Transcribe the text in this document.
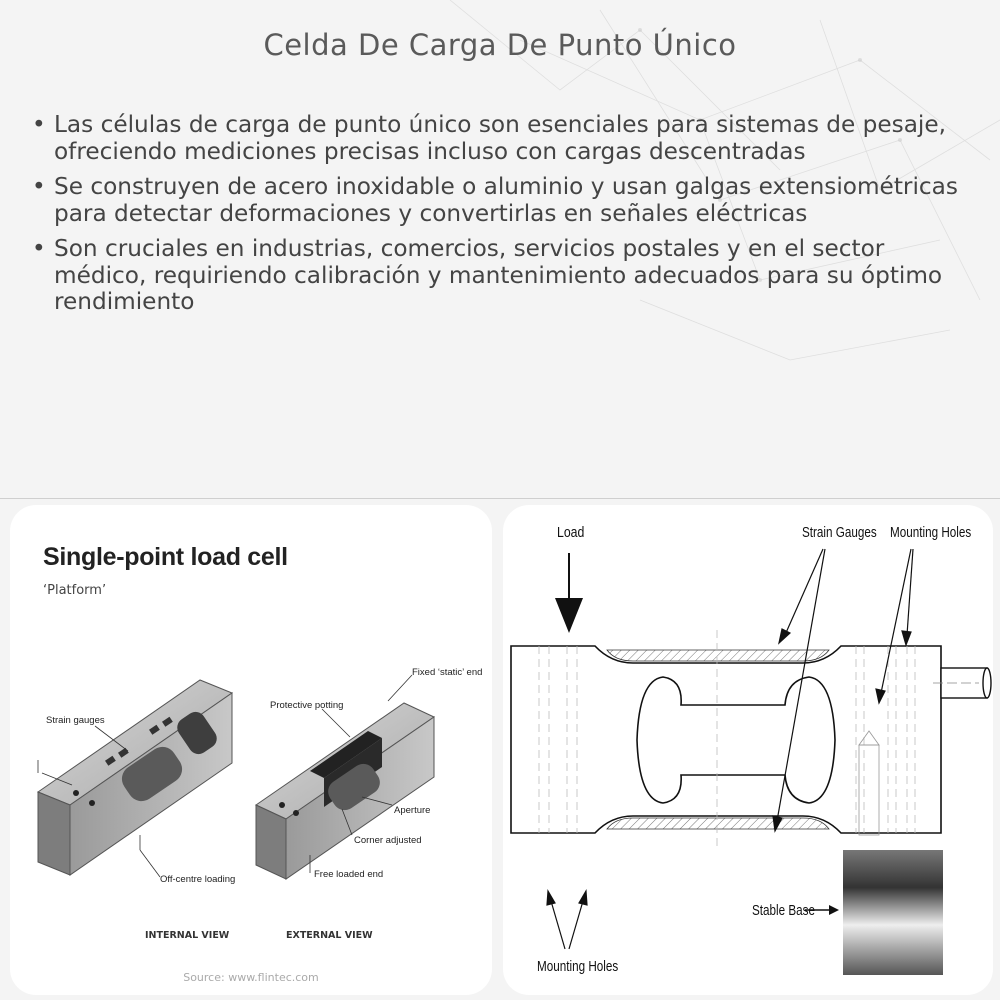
Celda De Carga De Punto Único
• Las células de carga de punto único son esenciales para sistemas de pesaje, ofreciendo mediciones precisas incluso con cargas descentradas
• Se construyen de acero inoxidable o aluminio y usan galgas extensiométricas para detectar deformaciones y convertirlas en señales eléctricas
• Son cruciales en industrias, comercios, servicios postales y en el sector médico, requiriendo calibración y mantenimiento adecuados para su óptimo rendimiento
Single-point load cell
‘Platform’
Strain gauges
Off-centre loading
Protective potting
Fixed ‘static’ end
Aperture
Corner adjusted
Free loaded end
INTERNAL VIEW	EXTERNAL VIEW
Source: www.flintec.com
Load	Strain Gauges Mounting Holes
Stable Base
Mounting Holes
